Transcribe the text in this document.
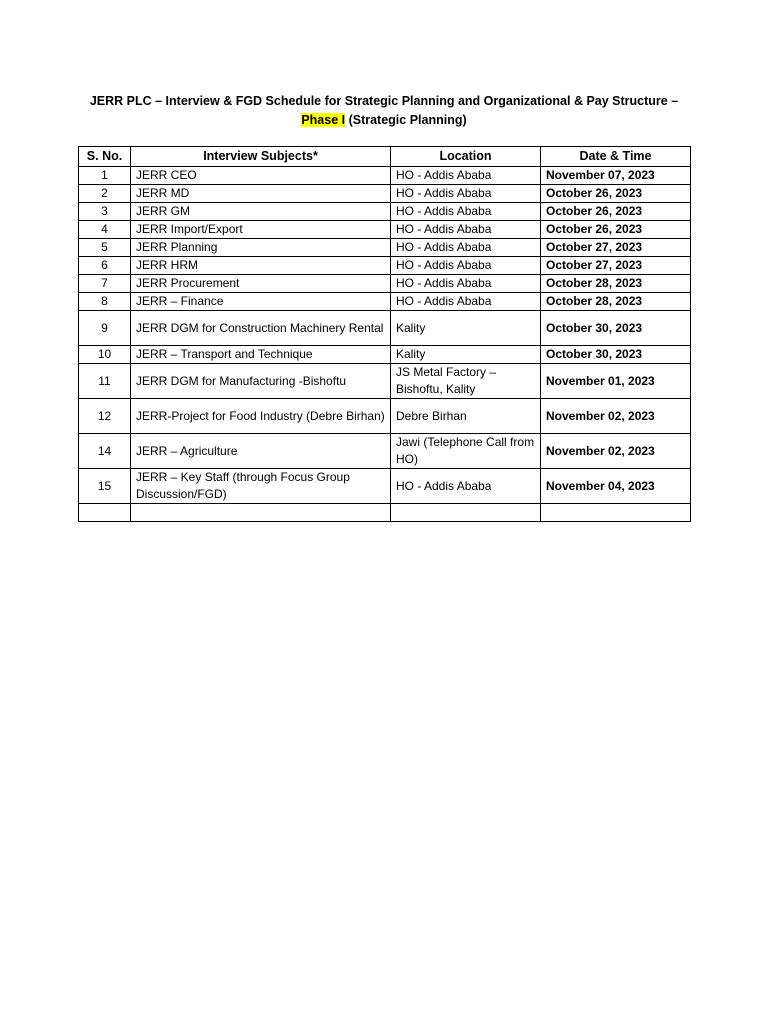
JERR PLC – Interview & FGD Schedule for Strategic Planning and Organizational & Pay Structure –
Phase I (Strategic Planning)
S. No.	Interview Subjects*	Location	Date & Time
1	JERR CEO	HO - Addis Ababa	November 07, 2023
2	JERR MD	HO - Addis Ababa	October 26, 2023
3	JERR GM	HO - Addis Ababa	October 26, 2023
4	JERR Import/Export	HO - Addis Ababa	October 26, 2023
5	JERR Planning	HO - Addis Ababa	October 27, 2023
6	JERR HRM	HO - Addis Ababa	October 27, 2023
7	JERR Procurement	HO - Addis Ababa	October 28, 2023
8	JERR – Finance	HO - Addis Ababa	October 28, 2023
9	JERR DGM for Construction Machinery Rental	Kality	October 30, 2023
10	JERR – Transport and Technique	Kality	October 30, 2023
11	JERR DGM for Manufacturing -Bishoftu	JS Metal Factory – Bishoftu, Kality	November 01, 2023
12	JERR-Project for Food Industry (Debre Birhan)	Debre Birhan	November 02, 2023
14	JERR – Agriculture	Jawi (Telephone Call from HO)	November 02, 2023
15	JERR – Key Staff (through Focus Group Discussion/FGD)	HO - Addis Ababa	November 04, 2023
